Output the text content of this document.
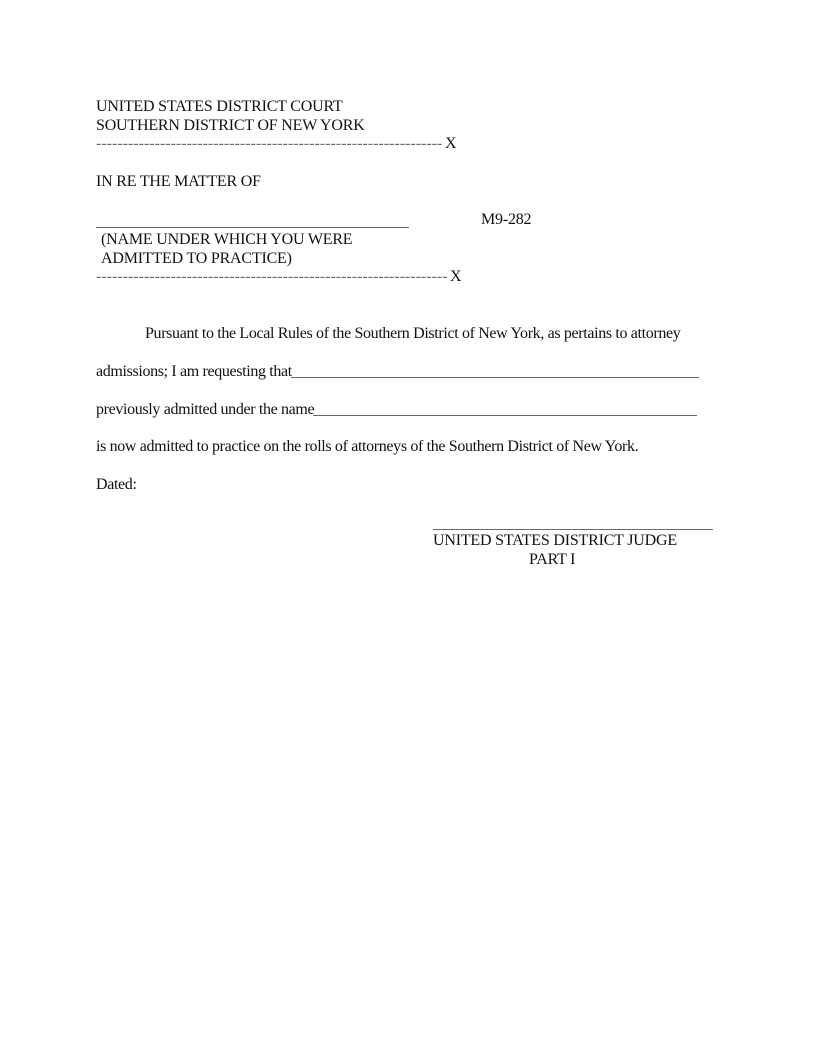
UNITED STATES DISTRICT COURT
SOUTHERN DISTRICT OF NEW YORK
----------------------------------------------------------------- X
IN RE THE MATTER OF
M9-282
(NAME UNDER WHICH YOU WERE
ADMITTED TO PRACTICE)
------------------------------------------------------------------ X
Pursuant to the Local Rules of the Southern District of New York, as pertains to attorney
admissions; I am requesting that
previously admitted under the name
is now admitted to practice on the rolls of attorneys of the Southern District of New York.
Dated:
UNITED STATES DISTRICT JUDGE
PART I
